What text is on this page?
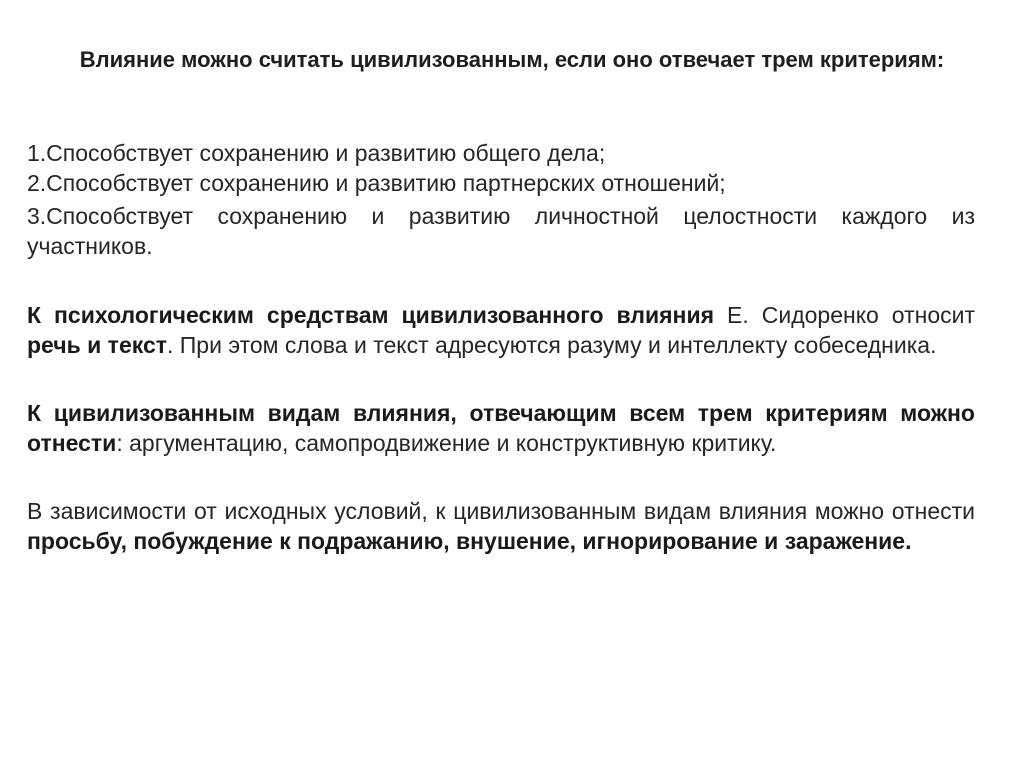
Влияние можно считать цивилизованным, если оно отвечает трем критериям:

1.Способствует сохранению и развитию общего дела;

2.Способствует сохранению и развитию партнерских отношений;

3.Способствует сохранению и развитию личностной целостности каждого из участников.

К психологическим средствам цивилизованного влияния Е. Сидоренко относит речь и текст. При этом слова и текст адресуются разуму и интеллекту собеседника.

К цивилизованным видам влияния, отвечающим всем трем критериям можно отнести: аргументацию, самопродвижение и конструктивную критику.

В зависимости от исходных условий, к цивилизованным видам влияния можно отнести просьбу, побуждение к подражанию, внушение, игнорирование и заражение.
